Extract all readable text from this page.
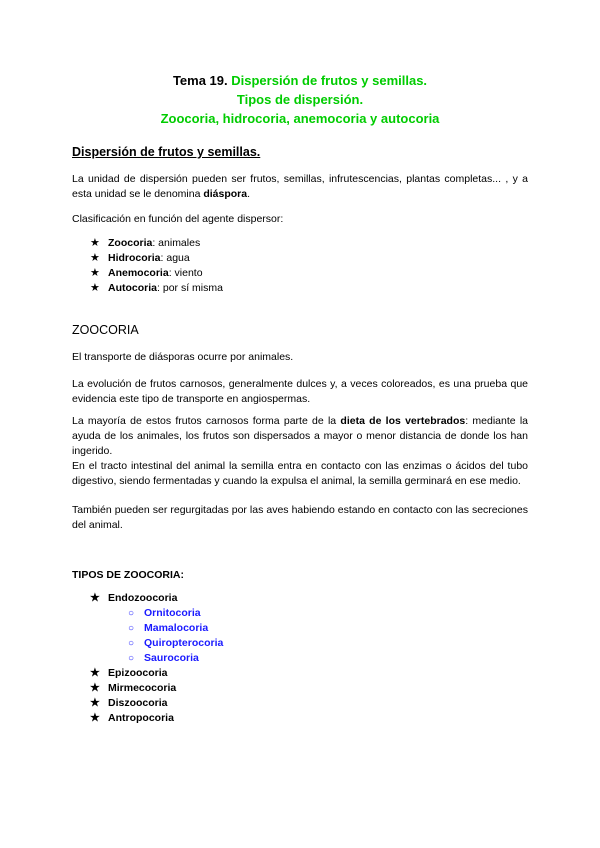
Tema 19. Dispersión de frutos y semillas.
Tipos de dispersión.
Zoocoria, hidrocoria, anemocoria y autocoria
Dispersión de frutos y semillas.
La unidad de dispersión pueden ser frutos, semillas, infrutescencias, plantas completas... , y a esta unidad se le denomina diáspora.
Clasificación en función del agente dispersor:
★ Zoocoria: animales
★ Hidrocoria: agua
★ Anemocoria: viento
★ Autocoria: por sí misma
ZOOCORIA
El transporte de diásporas ocurre por animales.
La evolución de frutos carnosos, generalmente dulces y, a veces coloreados, es una prueba que evidencia este tipo de transporte en angiospermas.
La mayoría de estos frutos carnosos forma parte de la dieta de los vertebrados: mediante la ayuda de los animales, los frutos son dispersados a mayor o menor distancia de donde los han ingerido.
En el tracto intestinal del animal la semilla entra en contacto con las enzimas o ácidos del tubo digestivo, siendo fermentadas y cuando la expulsa el animal, la semilla germinará en ese medio.
También pueden ser regurgitadas por las aves habiendo estando en contacto con las secreciones del animal.
TIPOS DE ZOOCORIA:
★ Endozoocoria
○ Ornitocoria
○ Mamalocoria
○ Quiropterocoria
○ Saurocoria
★ Epizoocoria
★ Mirmecocoria
★ Diszoocoria
★ Antropocoria
